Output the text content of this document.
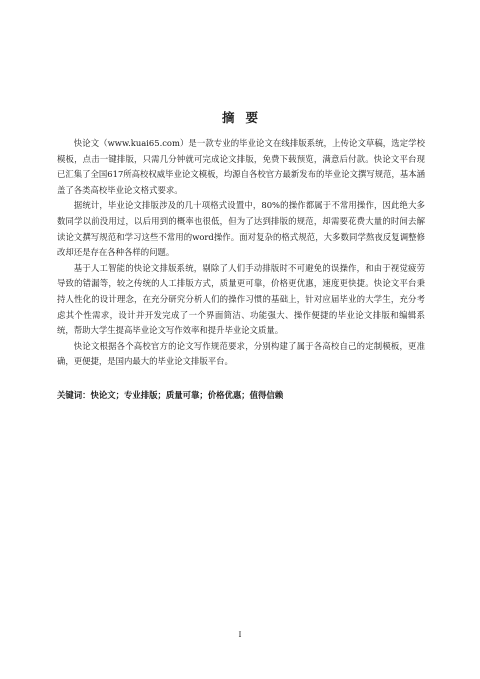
摘要

快论文（www.kuai65.com）是一款专业的毕业论文在线排版系统，上传论文草稿，选定学校模板，点击一键排版，只需几分钟就可完成论文排版，免费下载预览，满意后付款。快论文平台现已汇集了全国617所高校权威毕业论文模板，均源自各校官方最新发布的毕业论文撰写规范，基本涵盖了各类高校毕业论文格式要求。

据统计，毕业论文排版涉及的几十项格式设置中，80%的操作都属于不常用操作，因此绝大多数同学以前没用过，以后用到的概率也很低，但为了达到排版的规范，却需要花费大量的时间去解读论文撰写规范和学习这些不常用的word操作。面对复杂的格式规范，大多数同学熬夜反复调整修改却还是存在各种各样的问题。

基于人工智能的快论文排版系统，剔除了人们手动排版时不可避免的误操作，和由于视觉疲劳导致的错漏等，较之传统的人工排版方式，质量更可靠，价格更优惠，速度更快捷。快论文平台秉持人性化的设计理念，在充分研究分析人们的操作习惯的基础上，针对应届毕业的大学生，充分考虑其个性需求，设计并开发完成了一个界面简洁、功能强大、操作便捷的毕业论文排版和编辑系统，帮助大学生提高毕业论文写作效率和提升毕业论文质量。

快论文根据各个高校官方的论文写作规范要求，分别构建了属于各高校自己的定制模板，更准确，更便捷，是国内最大的毕业论文排版平台。

关键词：快论文；专业排版；质量可靠；价格优惠；值得信赖
I
